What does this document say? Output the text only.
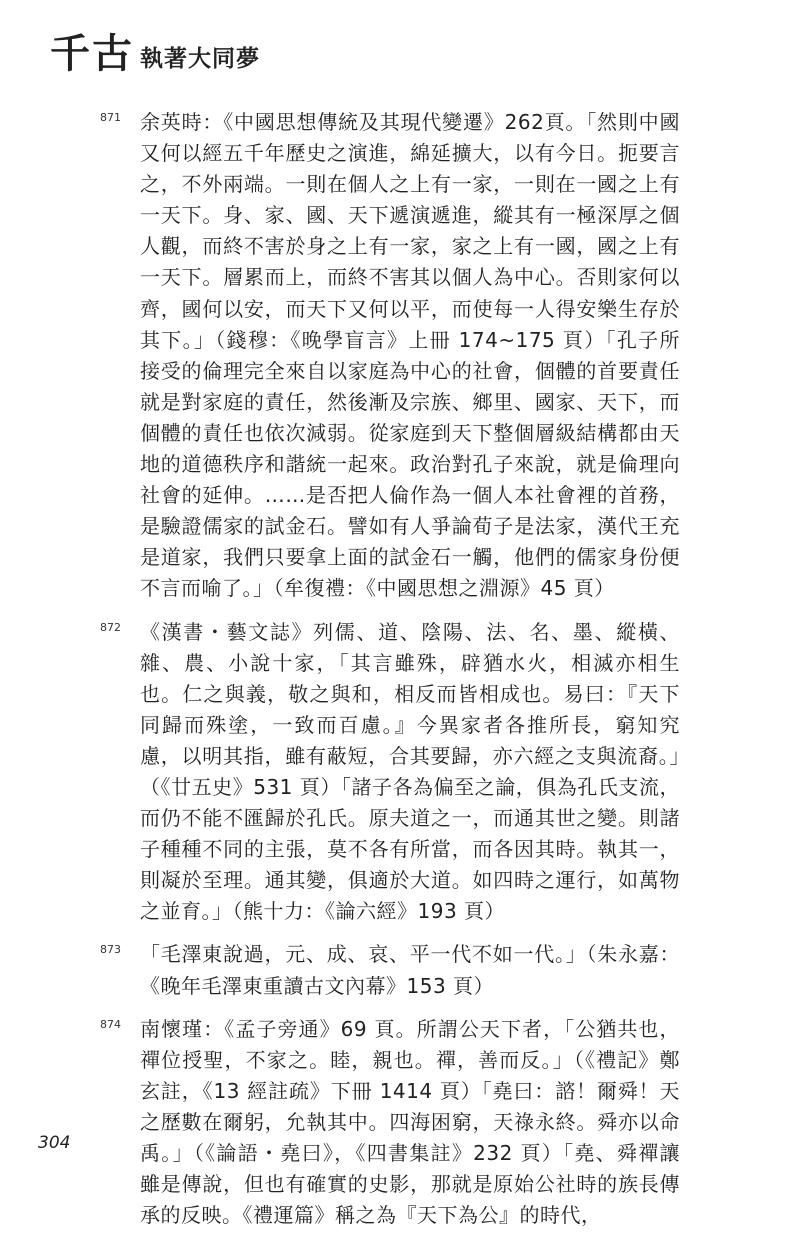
千古 執著大同夢
871 余英時：《中國思想傳統及其現代變遷》262頁。「然則中國又何以經五千年歷史之演進，綿延擴大，以有今日。扼要言之，不外兩端。一則在個人之上有一家，一則在一國之上有一天下。身、家、國、天下遞演遞進，縱其有一極深厚之個人觀，而終不害於身之上有一家，家之上有一國，國之上有一天下。層累而上，而終不害其以個人為中心。否則家何以齊，國何以安，而天下又何以平，而使每一人得安樂生存於其下。」（錢穆：《晚學盲言》上冊 174~175 頁）「孔子所接受的倫理完全來自以家庭為中心的社會，個體的首要責任就是對家庭的責任，然後漸及宗族、鄉里、國家、天下，而個體的責任也依次減弱。從家庭到天下整個層級結構都由天地的道德秩序和諧統一起來。政治對孔子來說，就是倫理向社會的延伸。……是否把人倫作為一個人本社會裡的首務，是驗證儒家的試金石。譬如有人爭論荀子是法家，漢代王充是道家，我們只要拿上面的試金石一觸，他們的儒家身份便不言而喻了。」（牟復禮：《中國思想之淵源》45 頁）
872 《漢書・藝文誌》列儒、道、陰陽、法、名、墨、縱橫、雜、農、小說十家，「其言雖殊，辟猶水火，相滅亦相生也。仁之與義，敬之與和，相反而皆相成也。易曰：『天下同歸而殊塗，一致而百慮。』今異家者各推所長，窮知究慮，以明其指，雖有蔽短，合其要歸，亦六經之支與流裔。」（《廿五史》531 頁）「諸子各為偏至之論，俱為孔氏支流，而仍不能不匯歸於孔氏。原夫道之一，而通其世之變。則諸子種種不同的主張，莫不各有所當，而各因其時。執其一，則凝於至理。通其變，俱適於大道。如四時之運行，如萬物之並育。」（熊十力：《論六經》193 頁）
873 「毛澤東說過，元、成、哀、平一代不如一代。」（朱永嘉：《晚年毛澤東重讀古文內幕》153 頁）
874 南懷瑾：《孟子旁通》69 頁。所謂公天下者，「公猶共也，禪位授聖，不家之。睦，親也。禪，善而反。」（《禮記》鄭玄註，《13 經註疏》下冊 1414 頁）「堯曰：諮！爾舜！天之歷數在爾躬，允執其中。四海困窮，天祿永終。舜亦以命禹。」（《論語・堯曰》，《四書集註》232 頁）「堯、舜禪讓雖是傳說，但也有確實的史影，那就是原始公社時的族長傳承的反映。《禮運篇》稱之為『天下為公』的時代，
304
